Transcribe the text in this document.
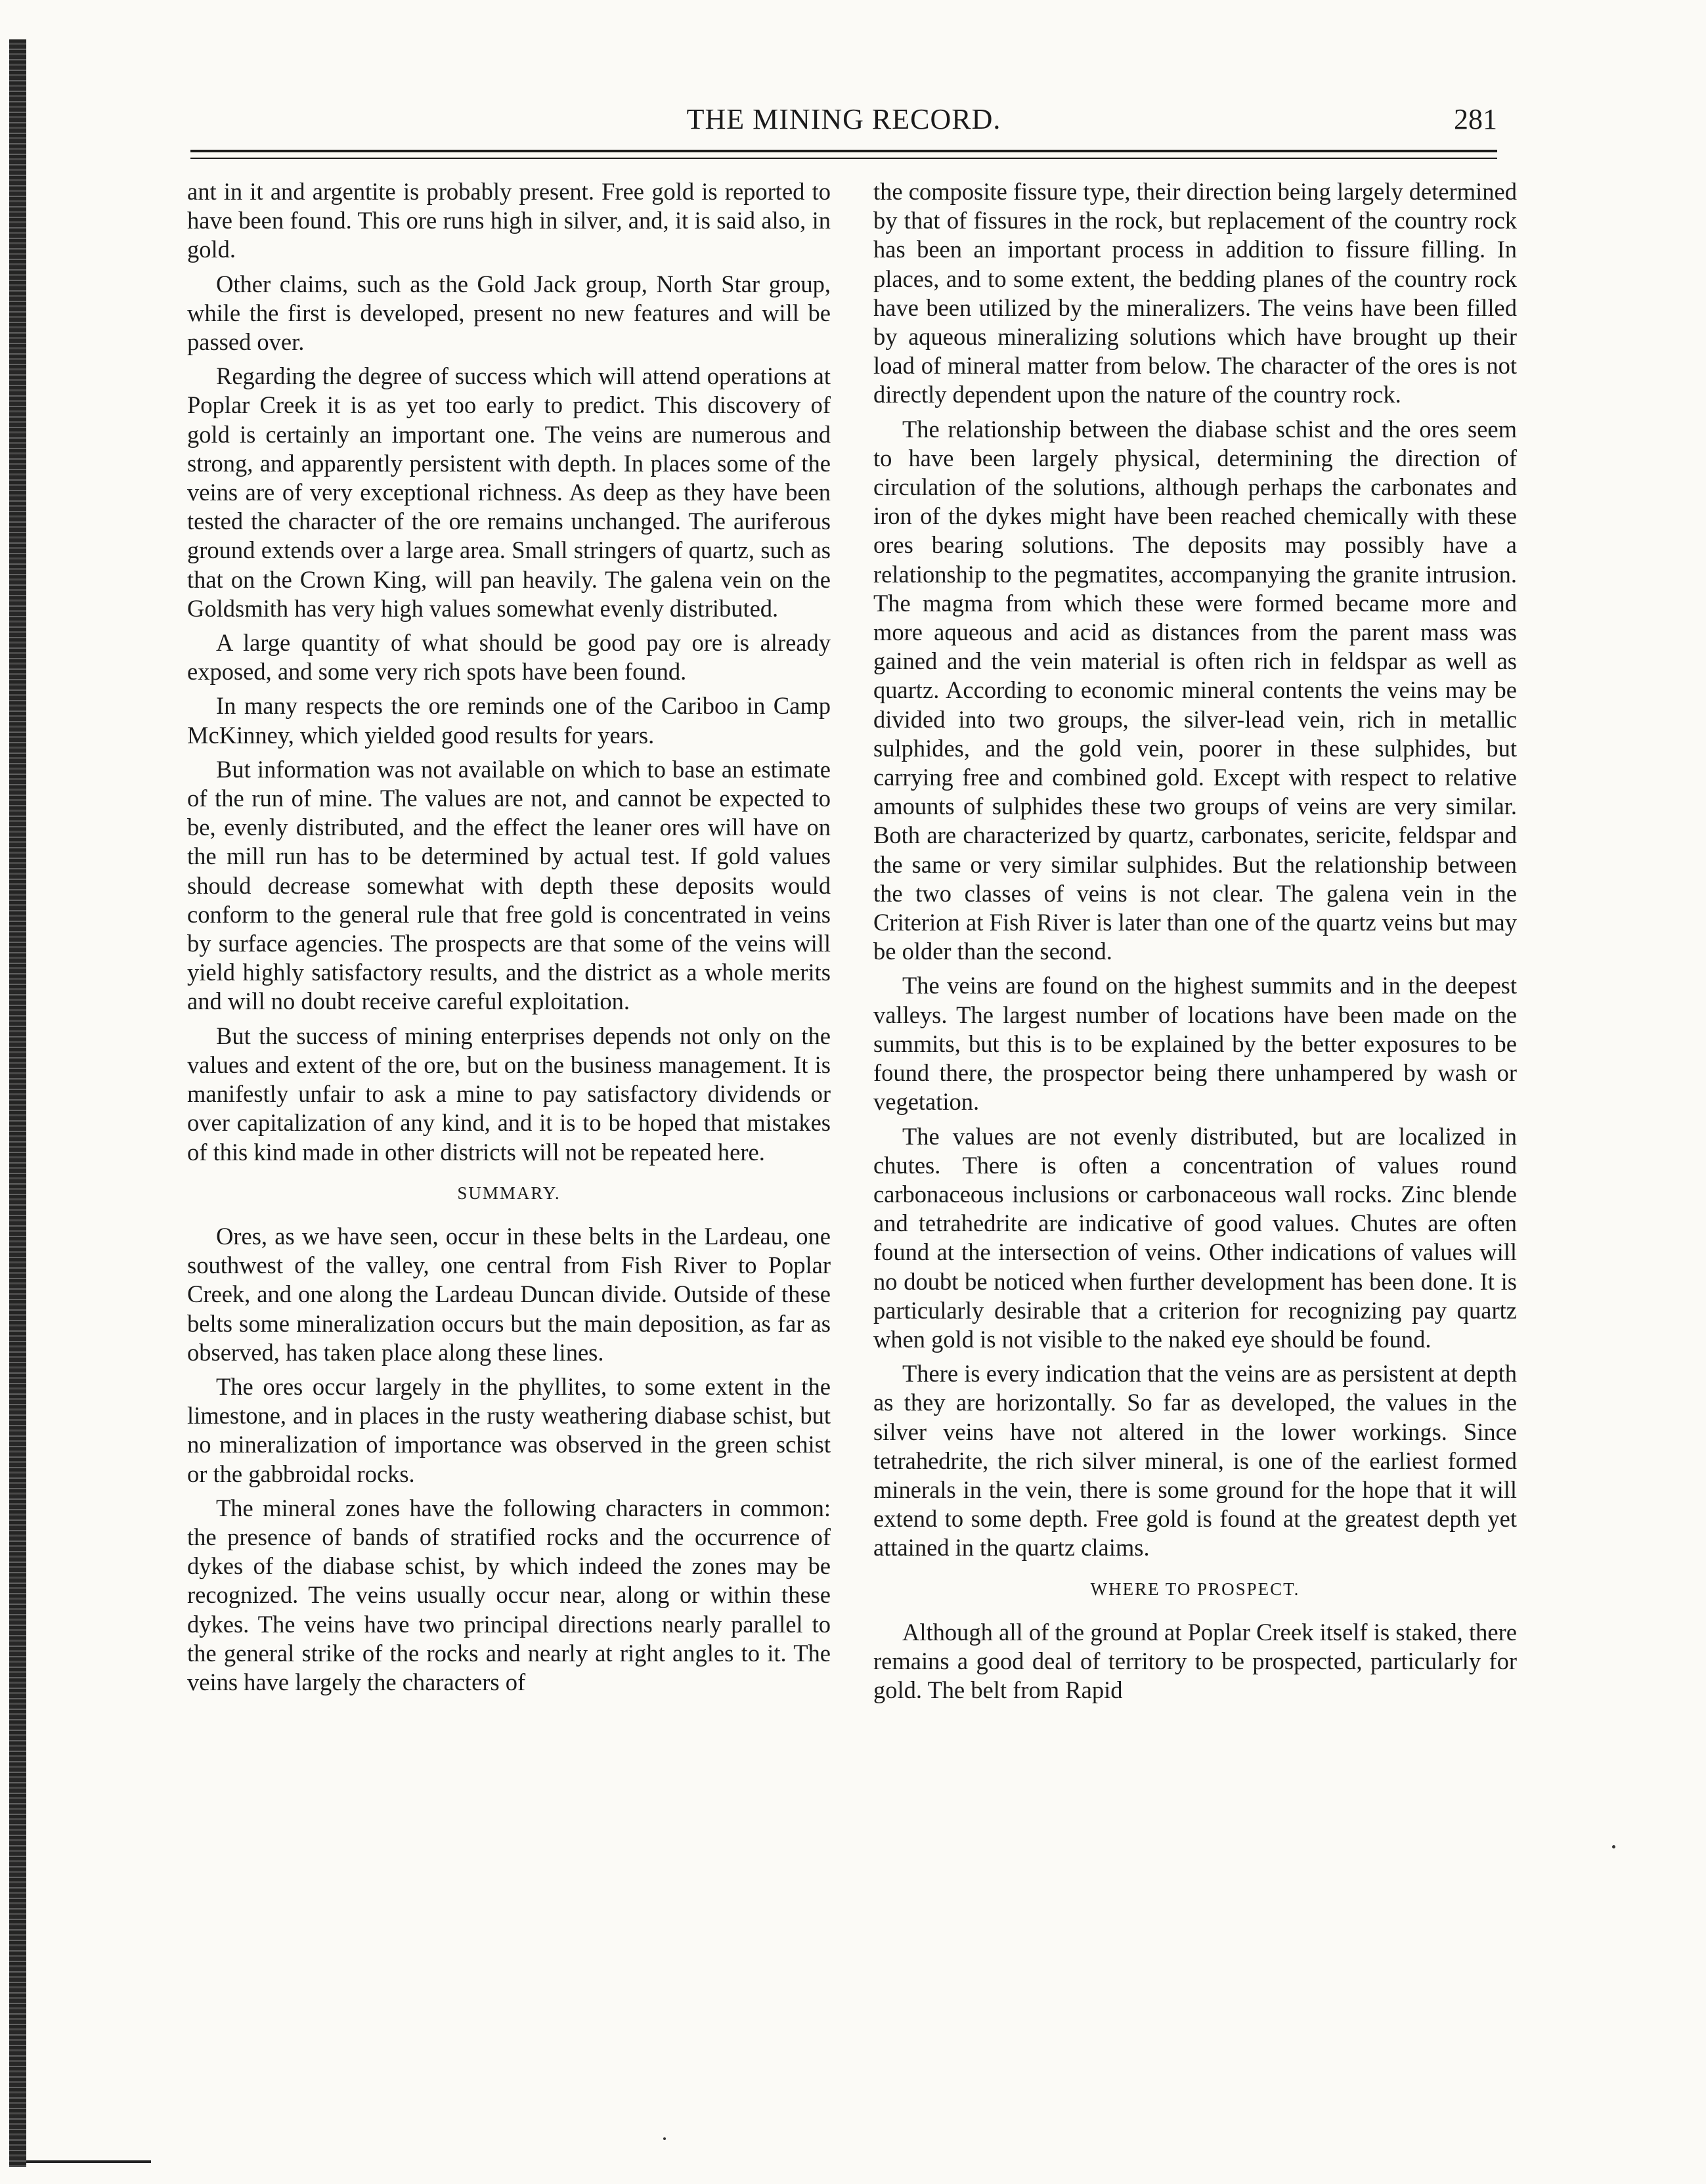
THE MINING RECORD.	281

ant in it and argentite is probably present. Free gold is reported to have been found. This ore runs high in silver, and, it is said also, in gold.

Other claims, such as the Gold Jack group, North Star group, while the first is developed, present no new features and will be passed over.

Regarding the degree of success which will attend operations at Poplar Creek it is as yet too early to predict. This discovery of gold is certainly an important one. The veins are numerous and strong, and apparently persistent with depth. In places some of the veins are of very exceptional richness. As deep as they have been tested the character of the ore remains unchanged. The auriferous ground extends over a large area. Small stringers of quartz, such as that on the Crown King, will pan heavily. The galena vein on the Goldsmith has very high values somewhat evenly distributed.

A large quantity of what should be good pay ore is already exposed, and some very rich spots have been found.

In many respects the ore reminds one of the Cariboo in Camp McKinney, which yielded good results for years.

But information was not available on which to base an estimate of the run of mine. The values are not, and cannot be expected to be, evenly distributed, and the effect the leaner ores will have on the mill run has to be determined by actual test. If gold values should decrease somewhat with depth these deposits would conform to the general rule that free gold is concentrated in veins by surface agencies. The prospects are that some of the veins will yield highly satisfactory results, and the district as a whole merits and will no doubt receive careful exploitation.

But the success of mining enterprises depends not only on the values and extent of the ore, but on the business management. It is manifestly unfair to ask a mine to pay satisfactory dividends or over capitalization of any kind, and it is to be hoped that mistakes of this kind made in other districts will not be repeated here.

SUMMARY.

Ores, as we have seen, occur in these belts in the Lardeau, one southwest of the valley, one central from Fish River to Poplar Creek, and one along the Lardeau Duncan divide. Outside of these belts some mineralization occurs but the main deposition, as far as observed, has taken place along these lines.

The ores occur largely in the phyllites, to some extent in the limestone, and in places in the rusty weathering diabase schist, but no mineralization of importance was observed in the green schist or the gabbroidal rocks.

The mineral zones have the following characters in common: the presence of bands of stratified rocks and the occurrence of dykes of the diabase schist, by which indeed the zones may be recognized. The veins usually occur near, along or within these dykes. The veins have two principal directions nearly parallel to the general strike of the rocks and nearly at right angles to it. The veins have largely the characters of

the composite fissure type, their direction being largely determined by that of fissures in the rock, but replacement of the country rock has been an important process in addition to fissure filling. In places, and to some extent, the bedding planes of the country rock have been utilized by the mineralizers. The veins have been filled by aqueous mineralizing solutions which have brought up their load of mineral matter from below. The character of the ores is not directly dependent upon the nature of the country rock.

The relationship between the diabase schist and the ores seem to have been largely physical, determining the direction of circulation of the solutions, although perhaps the carbonates and iron of the dykes might have been reached chemically with these ores bearing solutions. The deposits may possibly have a relationship to the pegmatites, accompanying the granite intrusion. The magma from which these were formed became more and more aqueous and acid as distances from the parent mass was gained and the vein material is often rich in feldspar as well as quartz. According to economic mineral contents the veins may be divided into two groups, the silver-lead vein, rich in metallic sulphides, and the gold vein, poorer in these sulphides, but carrying free and combined gold. Except with respect to relative amounts of sulphides these two groups of veins are very similar. Both are characterized by quartz, carbonates, sericite, feldspar and the same or very similar sulphides. But the relationship between the two classes of veins is not clear. The galena vein in the Criterion at Fish River is later than one of the quartz veins but may be older than the second.

The veins are found on the highest summits and in the deepest valleys. The largest number of locations have been made on the summits, but this is to be explained by the better exposures to be found there, the prospector being there unhampered by wash or vegetation.

The values are not evenly distributed, but are localized in chutes. There is often a concentration of values round carbonaceous inclusions or carbonaceous wall rocks. Zinc blende and tetrahedrite are indicative of good values. Chutes are often found at the intersection of veins. Other indications of values will no doubt be noticed when further development has been done. It is particularly desirable that a criterion for recognizing pay quartz when gold is not visible to the naked eye should be found.

There is every indication that the veins are as persistent at depth as they are horizontally. So far as developed, the values in the silver veins have not altered in the lower workings. Since tetrahedrite, the rich silver mineral, is one of the earliest formed minerals in the vein, there is some ground for the hope that it will extend to some depth. Free gold is found at the greatest depth yet attained in the quartz claims.

WHERE TO PROSPECT.

Although all of the ground at Poplar Creek itself is staked, there remains a good deal of territory to be prospected, particularly for gold. The belt from Rapid
